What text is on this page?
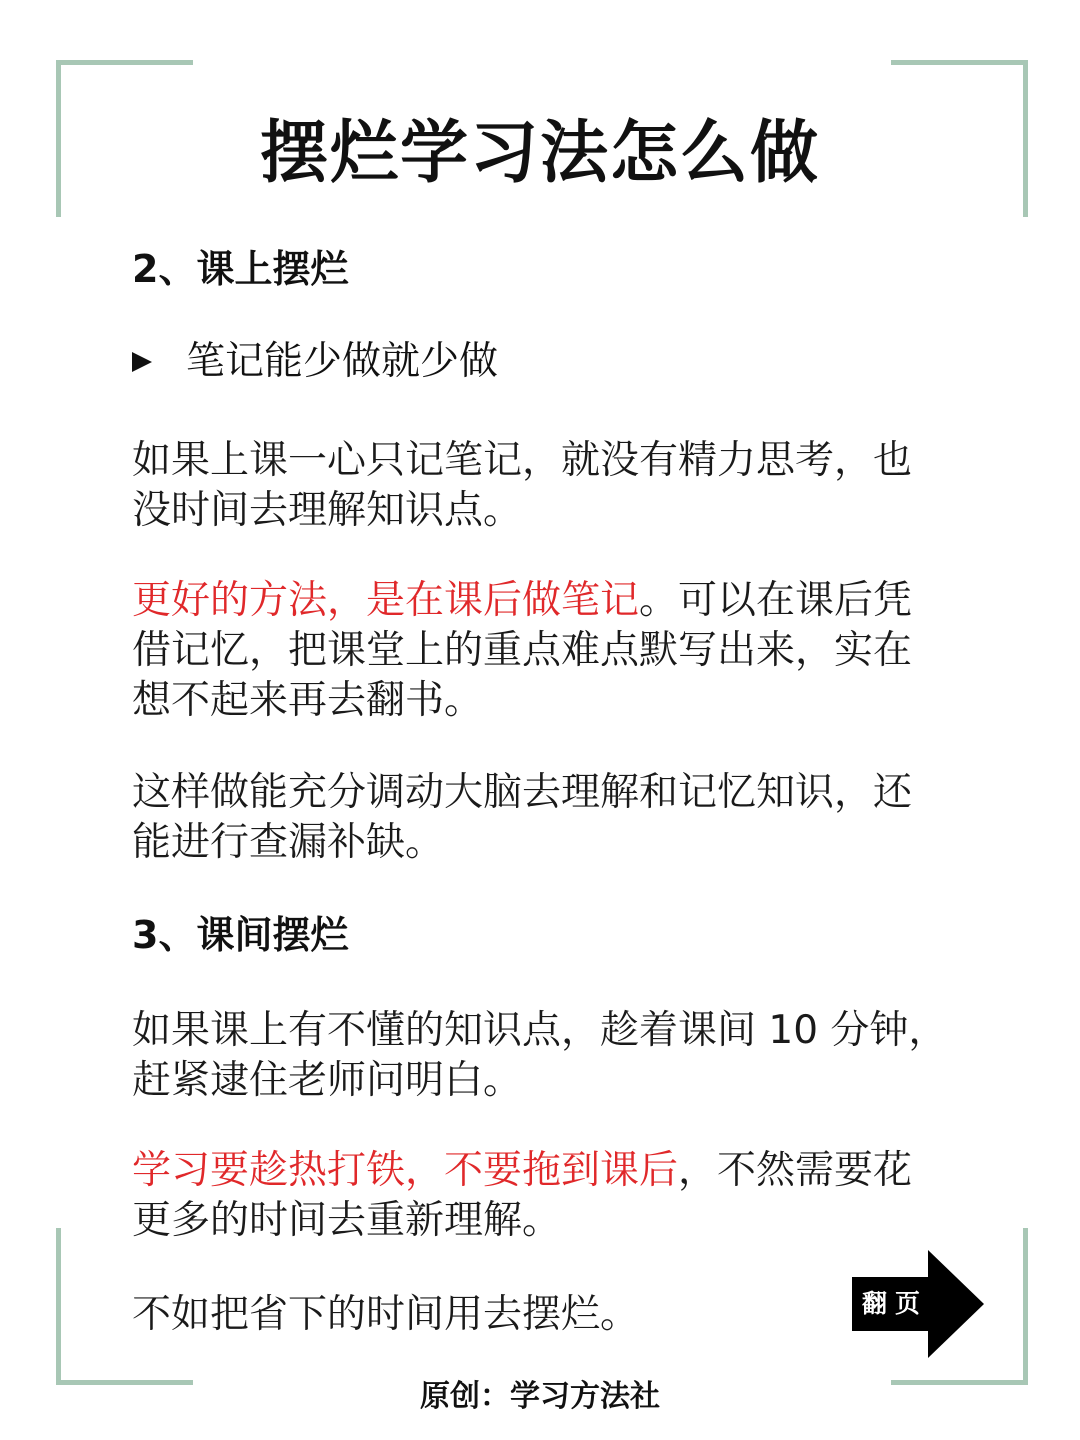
摆烂学习法怎么做
2、课上摆烂
笔记能少做就少做
如果上课一心只记笔记，就没有精力思考，也
没时间去理解知识点。
更好的方法，是在课后做笔记。可以在课后凭
借记忆，把课堂上的重点难点默写出来，实在
想不起来再去翻书。
这样做能充分调动大脑去理解和记忆知识，还
能进行查漏补缺。
3、课间摆烂
如果课上有不懂的知识点，趁着课间 10 分钟，
赶紧逮住老师问明白。
学习要趁热打铁，不要拖到课后，不然需要花
更多的时间去重新理解。
不如把省下的时间用去摆烂。	翻页
原创：学习方法社
